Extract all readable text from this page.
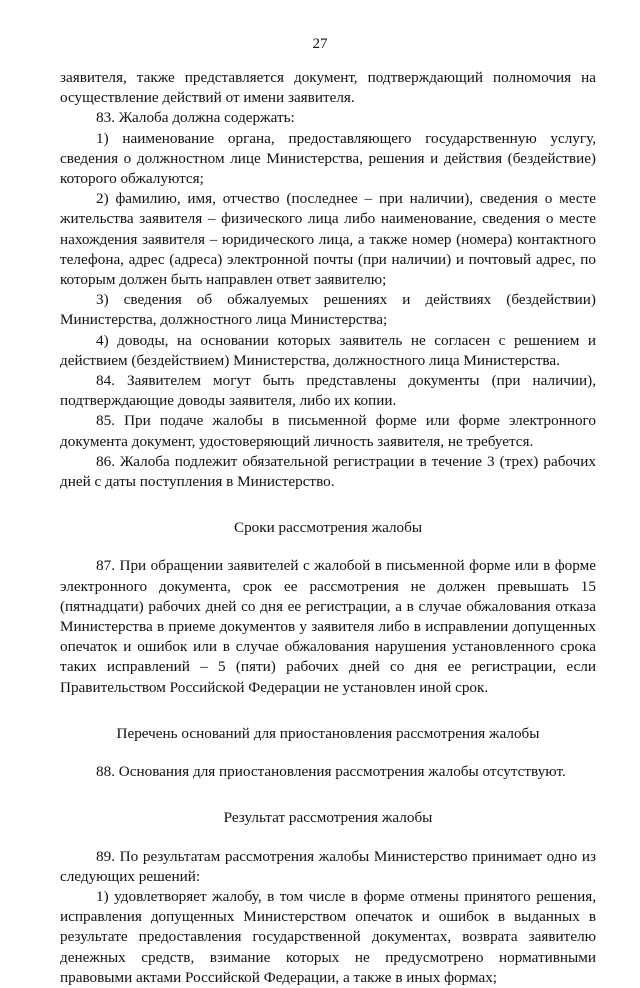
27

заявителя, также представляется документ, подтверждающий полномочия на осуществление действий от имени заявителя.

83. Жалоба должна содержать:

1) наименование органа, предоставляющего государственную услугу, сведения о должностном лице Министерства, решения и действия (бездействие) которого обжалуются;

2) фамилию, имя, отчество (последнее – при наличии), сведения о месте жительства заявителя – физического лица либо наименование, сведения о месте нахождения заявителя – юридического лица, а также номер (номера) контактного телефона, адрес (адреса) электронной почты (при наличии) и почтовый адрес, по которым должен быть направлен ответ заявителю;

3) сведения об обжалуемых решениях и действиях (бездействии) Министерства, должностного лица Министерства;

4) доводы, на основании которых заявитель не согласен с решением и действием (бездействием) Министерства, должностного лица Министерства.

84. Заявителем могут быть представлены документы (при наличии), подтверждающие доводы заявителя, либо их копии.

85. При подаче жалобы в письменной форме или форме электронного документа документ, удостоверяющий личность заявителя, не требуется.

86. Жалоба подлежит обязательной регистрации в течение 3 (трех) рабочих дней с даты поступления в Министерство.

Сроки рассмотрения жалобы

87. При обращении заявителей с жалобой в письменной форме или в форме электронного документа, срок ее рассмотрения не должен превышать 15 (пятнадцати) рабочих дней со дня ее регистрации, а в случае обжалования отказа Министерства в приеме документов у заявителя либо в исправлении допущенных опечаток и ошибок или в случае обжалования нарушения установленного срока таких исправлений – 5 (пяти) рабочих дней со дня ее регистрации, если Правительством Российской Федерации не установлен иной срок.

Перечень оснований для приостановления рассмотрения жалобы

88. Основания для приостановления рассмотрения жалобы отсутствуют.

Результат рассмотрения жалобы

89. По результатам рассмотрения жалобы Министерство принимает одно из следующих решений:

1) удовлетворяет жалобу, в том числе в форме отмены принятого решения, исправления допущенных Министерством опечаток и ошибок в выданных в результате предоставления государственной документах, возврата заявителю денежных средств, взимание которых не предусмотрено нормативными правовыми актами Российской Федерации, а также в иных формах;
